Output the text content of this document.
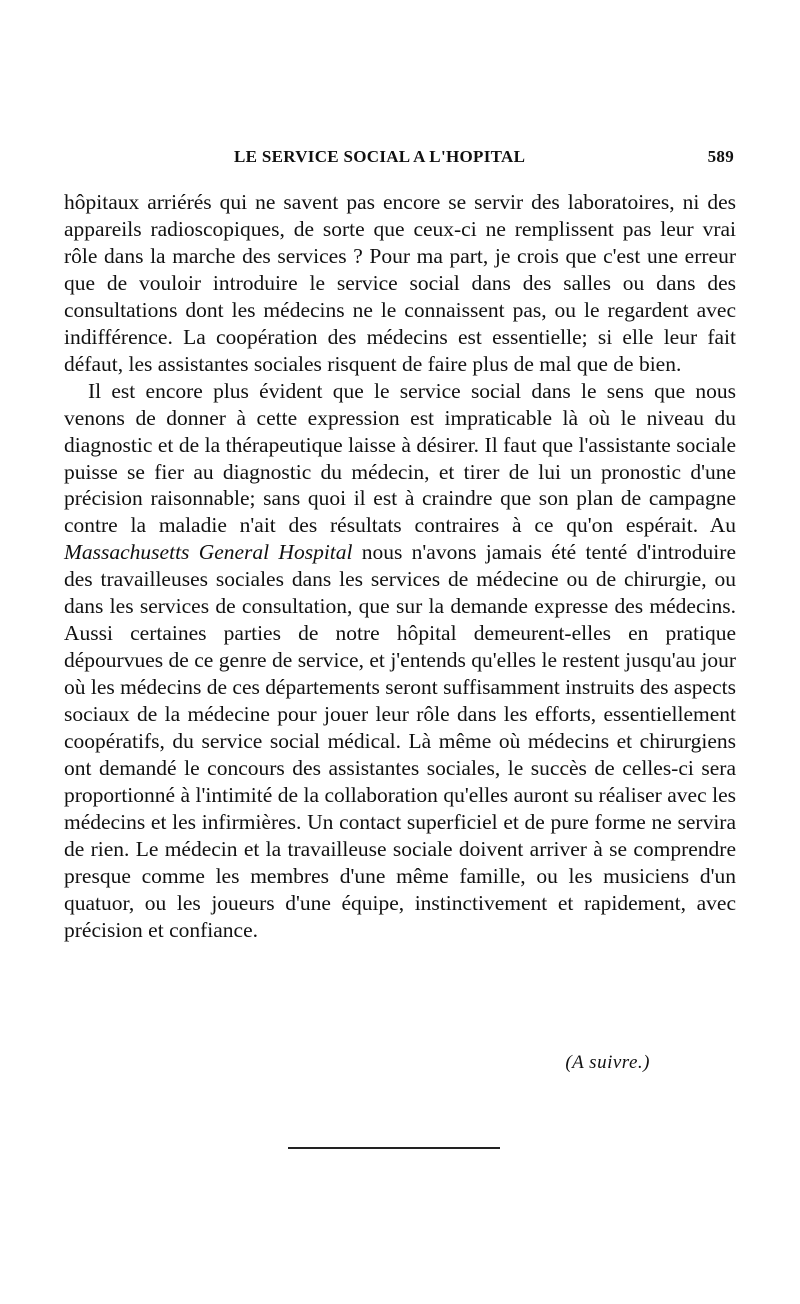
LE SERVICE SOCIAL A L'HOPITAL	589

hôpitaux arriérés qui ne savent pas encore se servir des laboratoires, ni des appareils radioscopiques, de sorte que ceux-ci ne remplissent pas leur vrai rôle dans la marche des services ? Pour ma part, je crois que c'est une erreur que de vouloir introduire le service social dans des salles ou dans des consultations dont les médecins ne le connaissent pas, ou le regardent avec indifférence. La coopération des médecins est essentielle; si elle leur fait défaut, les assistantes sociales risquent de faire plus de mal que de bien.

Il est encore plus évident que le service social dans le sens que nous venons de donner à cette expression est impraticable là où le niveau du diagnostic et de la thérapeutique laisse à désirer. Il faut que l'assistante sociale puisse se fier au diagnostic du médecin, et tirer de lui un pronostic d'une précision raisonnable; sans quoi il est à craindre que son plan de campagne contre la maladie n'ait des résultats contraires à ce qu'on espérait. Au Massachusetts General Hospital nous n'avons jamais été tenté d'introduire des travailleuses sociales dans les services de médecine ou de chirurgie, ou dans les services de consultation, que sur la demande expresse des médecins. Aussi certaines parties de notre hôpital demeurent-elles en pratique dépourvues de ce genre de service, et j'entends qu'elles le restent jusqu'au jour où les médecins de ces départements seront suffisamment instruits des aspects sociaux de la médecine pour jouer leur rôle dans les efforts, essentiellement coopératifs, du service social médical. Là même où médecins et chirurgiens ont demandé le concours des assistantes sociales, le succès de celles-ci sera proportionné à l'intimité de la collaboration qu'elles auront su réaliser avec les médecins et les infirmières. Un contact superficiel et de pure forme ne servira de rien. Le médecin et la travailleuse sociale doivent arriver à se comprendre presque comme les membres d'une même famille, ou les musiciens d'un quatuor, ou les joueurs d'une équipe, instinctivement et rapidement, avec précision et confiance.

(A suivre.)
